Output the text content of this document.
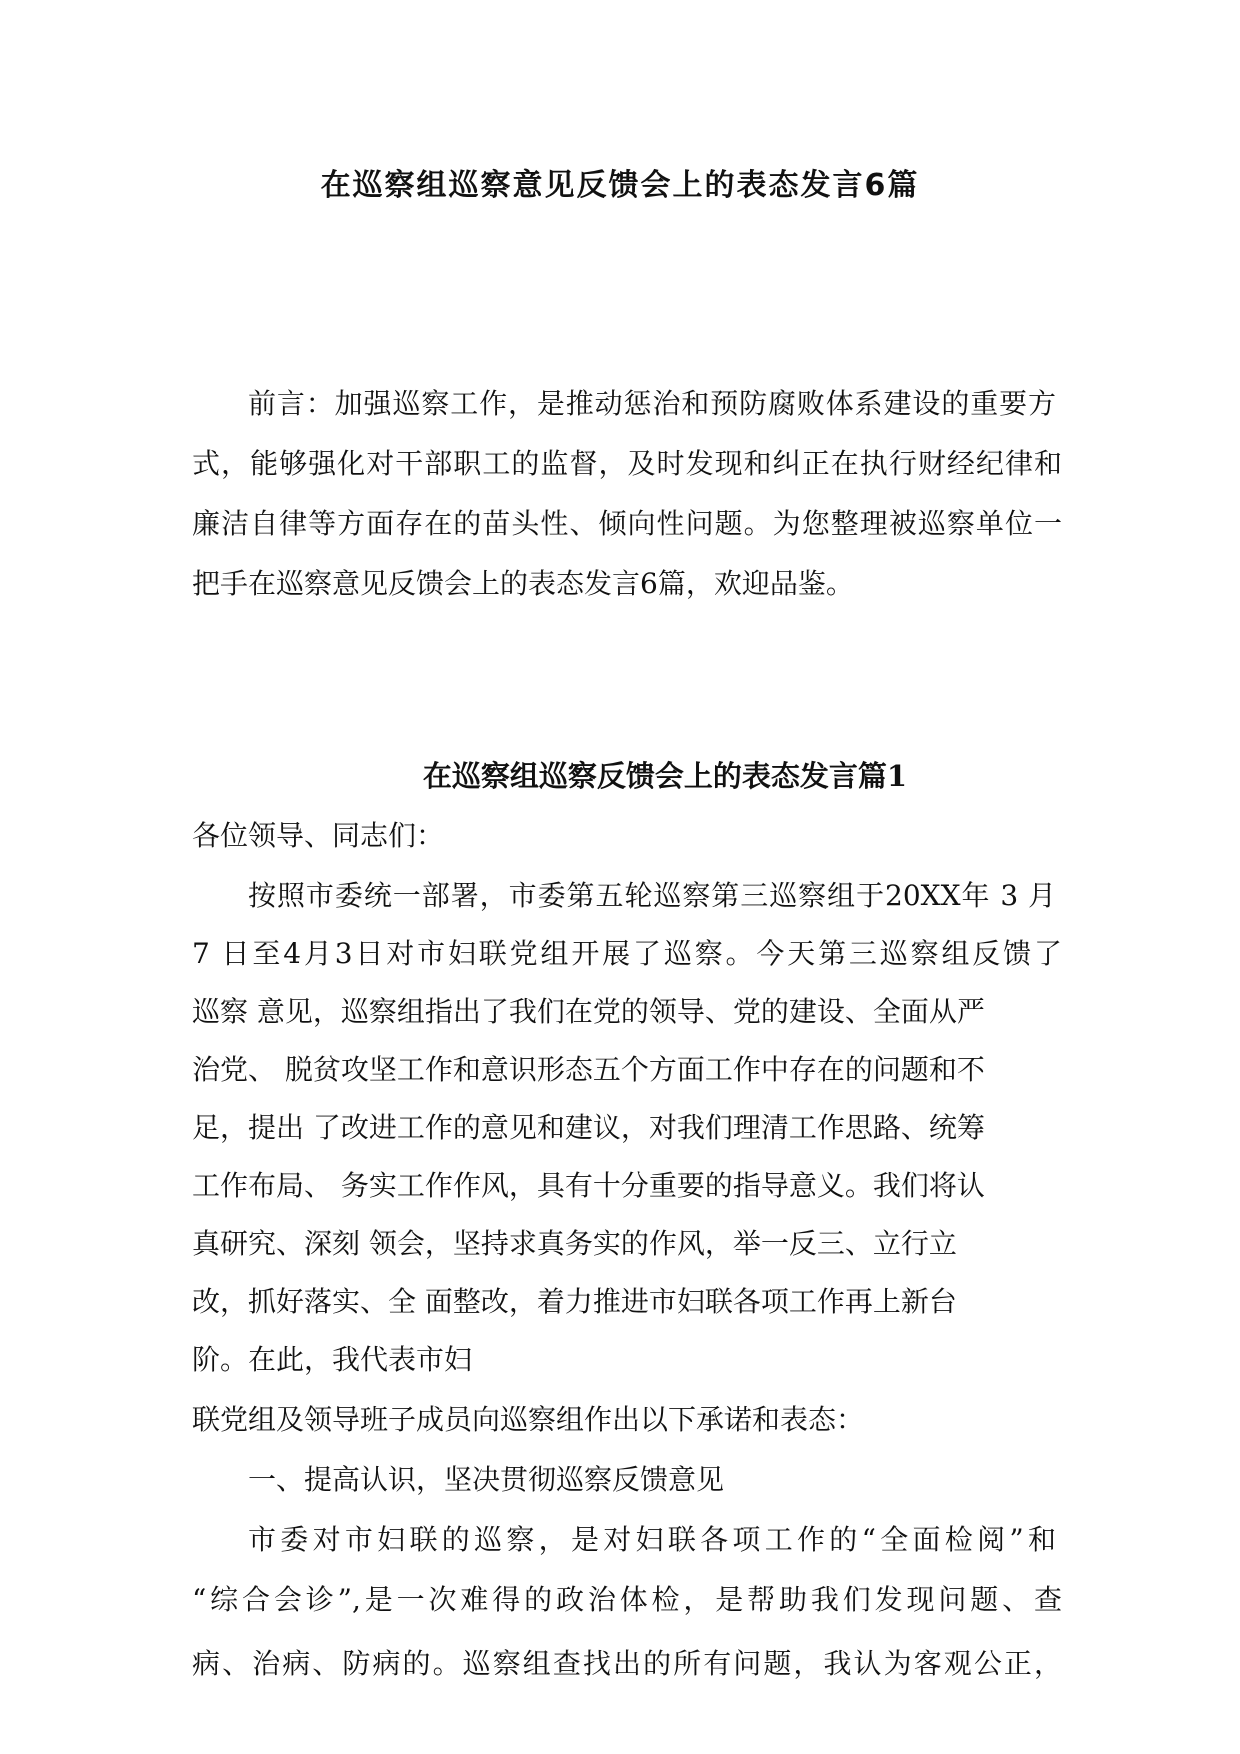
在巡察组巡察意见反馈会上的表态发言6篇

前言：加强巡察工作，是推动惩治和预防腐败体系建设的重要方

式，能够强化对干部职工的监督，及时发现和纠正在执行财经纪律和

廉洁自律等方面存在的苗头性、倾向性问题。为您整理被巡察单位一

把手在巡察意见反馈会上的表态发言6篇，欢迎品鉴。

在巡察组巡察反馈会上的表态发言篇1

各位领导、同志们：

按照市委统一部署，市委第五轮巡察第三巡察组于20XX年 3 月

7 日至4月3日对市妇联党组开展了巡察。今天第三巡察组反馈了

巡察 意见，巡察组指出了我们在党的领导、党的建设、全面从严

治党、 脱贫攻坚工作和意识形态五个方面工作中存在的问题和不

足，提出 了改进工作的意见和建议，对我们理清工作思路、统筹

工作布局、 务实工作作风，具有十分重要的指导意义。我们将认

真研究、深刻 领会，坚持求真务实的作风，举一反三、立行立

改，抓好落实、全 面整改，着力推进市妇联各项工作再上新台

阶。在此，我代表市妇

联党组及领导班子成员向巡察组作出以下承诺和表态：

一、提高认识，坚决贯彻巡察反馈意见

市委对市妇联的巡察，是对妇联各项工作的“全面检阅”和

“综合会诊”,是一次难得的政治体检，是帮助我们发现问题、查

病、治病、防病的。巡察组查找出的所有问题，我认为客观公正，
